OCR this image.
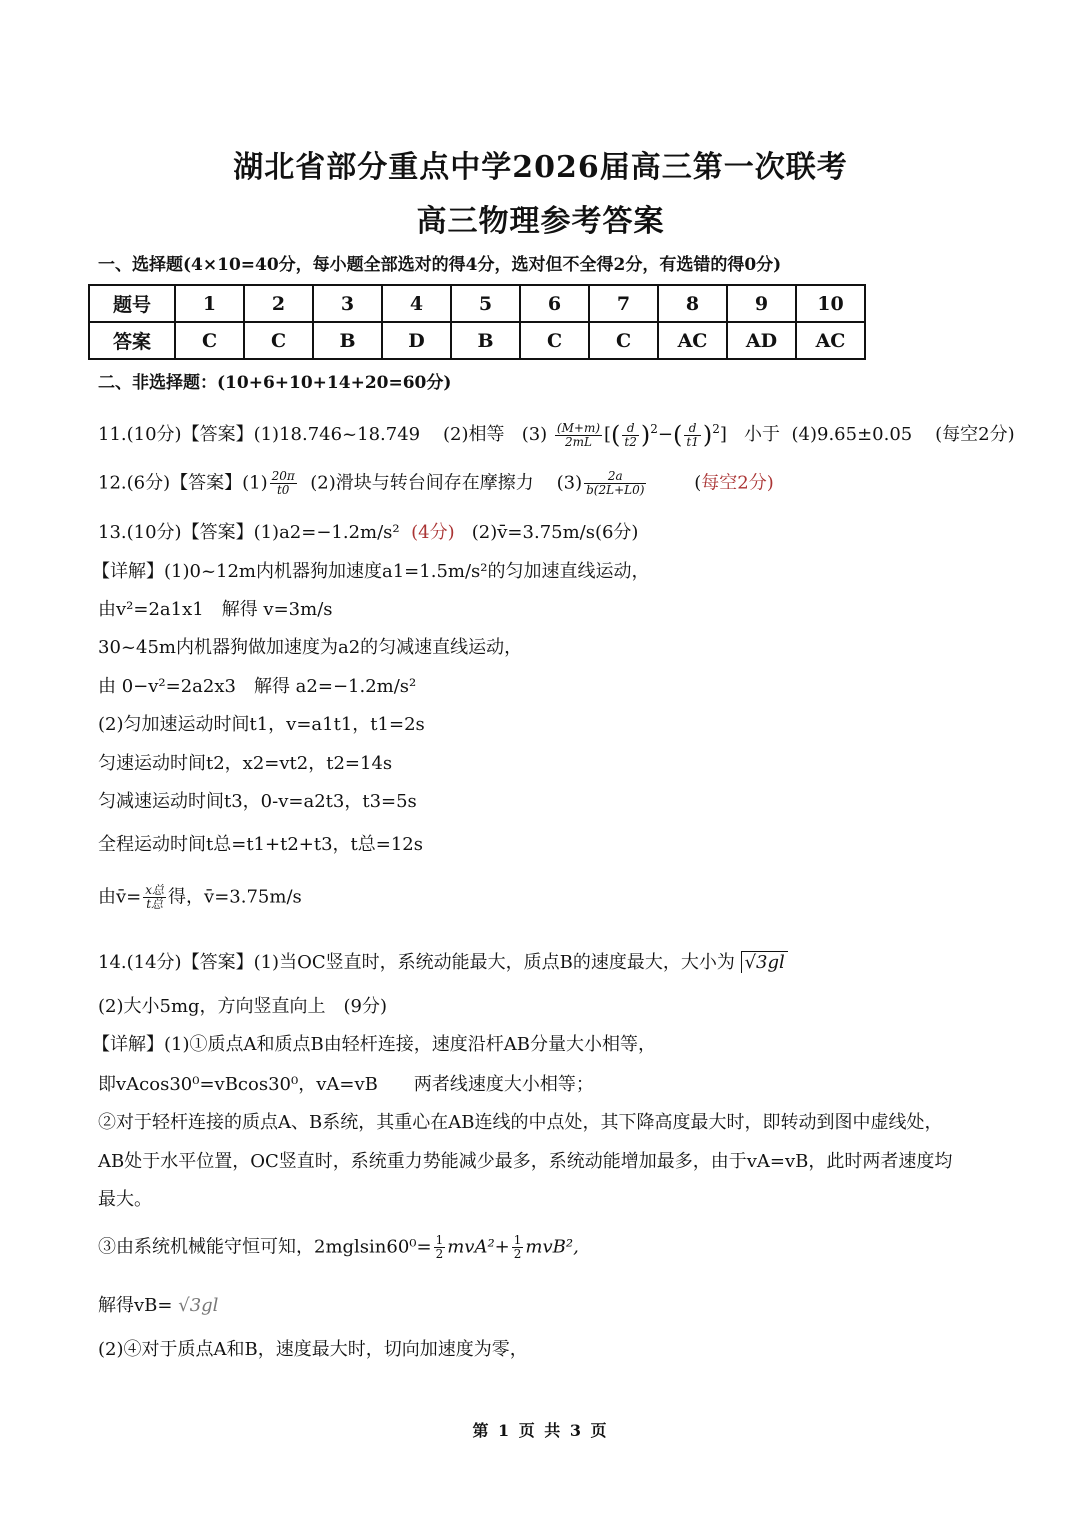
湖北省部分重点中学2026届高三第一次联考
高三物理参考答案
一、选择题(4×10=40分，每小题全部选对的得4分，选对但不全得2分，有选错的得0分)
题号	1	2	3	4	5	6	7	8	9	10
答案	C	C	B	D	B	C	C	AC	AD	AC
二、非选择题：(10+6+10+14+20=60分)
11.(10分)【答案】(1)18.746~18.749 (2)相等 $(3) \frac{(M+m)}{2mL}$ [( $\frac{d}{t2} )^2-( \frac{d}{t1} )^2$]   小于 (4)9.65±0.05 (每空2分)
12.(6分)【答案】$(1) \frac{20\pi}{t0} (2)$滑块与转台间存在摩擦力 $(3) \frac{2a}{b(2L+L0)}$	(每空2分)
13.(10分)【答案】(1)a2=−1.2m/s² (4分) (2)v̄=3.75m/s(6分)
【详解】(1)0~12m内机器狗加速度a1=1.5m/s²的匀加速直线运动，
由v²=2a1x1　解得 v=3m/s
30~45m内机器狗做加速度为a2的匀减速直线运动，
由 0−v²=2a2x3　解得 a2=−1.2m/s²
(2)匀加速运动时间t1，v=a1t1，t1=2s
匀速运动时间t2，x2=vt2，t2=14s
匀减速运动时间t3，0-v=a2t3，t3=5s
全程运动时间t总=t1+t2+t3，t总=12s
由v̄= $\frac{\text{x总}}{\text{t总}}$ 得，v̄=3.75m/s
14.(14分)【答案】(1)当OC竖直时，系统动能最大，质点B的速度最大，大小为 √3gl
(2)大小5mg，方向竖直向上　(9分)
【详解】(1)①质点A和质点B由轻杆连接，速度沿杆AB分量大小相等，
即vAcos30⁰=vBcos30⁰，vA=vB　　两者线速度大小相等；
②对于轻杆连接的质点A、B系统，其重心在AB连线的中点处，其下降高度最大时，即转动到图中虚线处，
AB处于水平位置，OC竖直时，系统重力势能减少最多，系统动能增加最多，由于vA=vB，此时两者速度均
最大。
③由系统机械能守恒可知，$2mglsin60^0= \frac{1}{2} mvA^2+ \frac{1}{2} mvB^2$,
解得vB= √3gl
(2)④对于质点A和B，速度最大时，切向加速度为零，
第 1 页 共 3 页
